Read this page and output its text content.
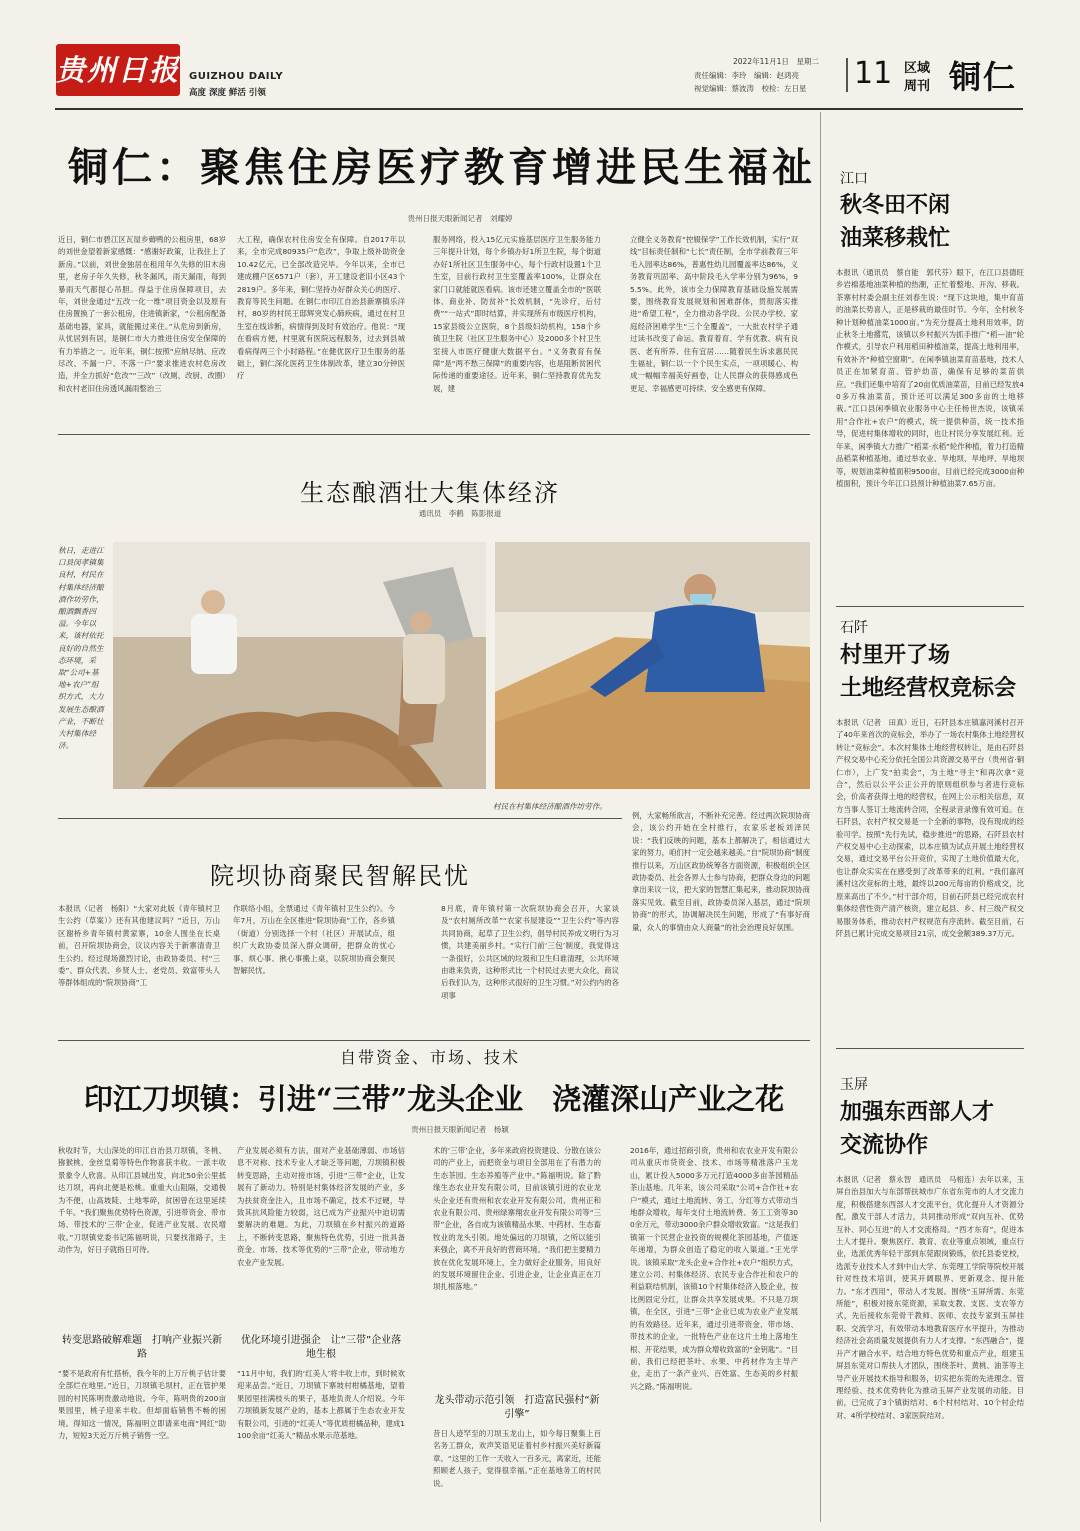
贵州日报 GUIZHOU DAILY
高度 深度 鲜活 引领
2022年11月1日　星期二
责任编辑：李玲　编辑：赵鸿亮
视觉编辑：蔡波涛　校检：左日星 11 区域
周刊 铜仁
铜仁：聚焦住房医疗教育增进民生福祉
贵州日报天眼新闻记者　刘耀婷
近日，铜仁市碧江区瓦屋乡薅鸭的公租房里，68岁的刘世金望着新家感慨：“感谢好政策，让我住上了新房。”以前，刘世金独居在租用年久失修的旧木房里，老房子年久失修，秋冬漏风，雨天漏雨，每到暴雨天气都提心吊胆。得益于住房保障项目，去年，刘世金通过“五改一化一维”项目资金以及原有住房置换了一套公租房，住进镇新家，“公租房配备基础电器，家具，就能搬过来住。”从危房到新房，从忧居到有居，是铜仁市大力推进住房安全保障的有力举措之一。近年来，铜仁按照“应纳尽纳、应改尽改、不漏一户、不落一户”要求推进农村危房改造，并全力抓好“危改”“三改”（改厕、改厨、改圈）和农村老旧住房透风漏雨整治三
大工程，确保农村住房安全有保障。自2017年以来，全市完成80935户“危改”，争取上级补助资金10.42亿元，已全部改造完毕。今年以来，全市已建成棚户区6571户（套），开工建设老旧小区43个2819户。多年来，铜仁坚持办好群众关心的医疗、教育等民生问题。在铜仁市印江自治县新寨镇乐洋村，80岁的村民王邸辉突发心肺疾病，通过在村卫生室在线诊断，病情得到及时有效治疗。他说：“现在看病方便，村里就有医院远程服务，过去到县城看病得两三个小时路程。”在健优医疗卫生服务的基础上，铜仁深化医药卫生体制改革，建立30分钟医疗
服务网络，投入15亿元实施基层医疗卫生服务能力三年提升计划，每个乡镇办好1所卫生院，每个街道办好1所社区卫生服务中心，每个行政村设置1个卫生室，目前行政村卫生室覆盖率100%，让群众在家门口就能就医看病。该市还建立覆盖全市的“医联体、商业补、防贫补”长效机制，“先诊疗，后付费”“一站式”即时结算，并实现所有市级医疗机构，15家县级公立医院，8个县级妇幼机构，158个乡镇卫生院（社区卫生服务中心）及2000多个村卫生室接入市医疗健康大数据平台。“义务教育有保障”是“两不愁三保障”的重要内容，也是阻断贫困代际传递的重要途径。近年来，铜仁坚持教育优先发展，建
立健全义务教育“控辍保学”工作长效机制，实行“双线”目标责任制和“七长”责任制，全市学前教育三年毛入园率达86%，普惠性幼儿园覆盖率达86%，义务教育巩固率、高中阶段毛入学率分别为96%，95.5%。此外，该市全力保障教育基础设施发展需要，围绕教育发展规划和困难群体，贯彻落实推进“希望工程”，全力推动各学段、公民办学校、家庭经济困难学生“三个全覆盖”，一大批农村学子通过读书改变了命运。教育着育、学有优教、病有良医、老有所养、住有宜居……随着民生诉求惠民民生福祉，铜仁以一个个民生实点，一项项暖心、构成一幅幅幸福美好画卷，让人民群众的获得感成色更足、幸福感更可持续、安全感更有保障。
生态酿酒壮大集体经济
通讯员　李鹤　陈影报道
秋日，走进江口县闵孝镇集良村，村民在村集体经济酿酒作坊劳作，酿酒飘香四溢。今年以来，该村依托良好的自然生态环境，采取“公司+基地+农户”组织方式，大力发展生态酿酒产业，不断壮大村集体经济。
村民在村集体经济酿酒作坊劳作。
院坝协商聚民智解民忧
本报讯（记者　杨阳）“大家对此版《青年镇村卫生公约（草案）》还有其他建议吗？”近日，万山区谢桥乡青年镇村黄家寨，10余人围坐在长桌前，召开院坝协商会，议议内容关于新寨清青卫生公约。经过现场激烈讨论，由政协委员、村“三委”、群众代表、乡贤人士、老党员、致富带头人等群体组成的“院坝协商”工
作联络小组，全票通过《青年镇村卫生公约》。今年7月，万山在全区推进“院坝协商”工作，各乡镇（街道）分别选择一个村（社区）开展试点，组织广大政协委员深入群众调研，把群众的忧心事、烦心事、揪心事搬上桌，以院坝协商会聚民智解民忧。
8月底，青年镇村第一次院坝协商会召开，大家谈及“农村厕所改革”“农家书屋建设”“卫生公约”等内容共同协商，起草了卫生公约，倡导村民养成文明行为习惯，共建美丽乡村。“实行门前‘三包’制度，我觉得这一条很好，公共区域的垃圾和卫生归谁清理，公共环境由谁来负责，这种形式比一个村民过去更大众化，商议后我们认为，这种形式很好的卫生习惯。”对公约内的各项事
例，大家畅所欲言，不断补充完善。经过两次院坝协商会，该公约开始在全村推行，农家乐老板刘泽民说：“我们反映的问题，基本上都解决了，相信通过大家的努力，咱们村一定会越来越美。”自“院坝协商”制度推行以来，万山区政协统筹各方面资源，积极组织全区政协委员、社会各界人士参与协商，把群众身边的问题拿出来议一议，把大家的智慧汇集起来，推动院坝协商落实见效。截至目前，政协委员深入基层，通过“院坝协商”的形式，协调解决民生问题，形成了“有事好商量，众人的事情由众人商量”的社会治理良好氛围。
自带资金、市场、技术
印江刀坝镇：引进“三带”龙头企业　浇灌深山产业之花
贵州日报天眼新闻记者　杨颖
秋收时节，大山深处的印江自治县刀坝镇，冬桃、猕猴桃、金丝皇菊等特色作物喜获丰收。一派丰收景象令人欣喜。从印江县城出发，向北50余公里抵达刀坝，再向北便是松桃。重重大山阻隔，交通极为不便，山高坡陡、土地零碎，贫困曾在这里延续千年。“我们聚焦优势特色资源，引进带资金、带市场、带技术的‘三带’企业，促进产业发展、农民增收。”刀坝镇党委书记陈福明说，只要找准路子，主动作为，好日子就指日可待。
转变思路破解难题　打响产业振兴新路
“要不是政府有忙搭桥，我今年的上万斤桃子估计要全部烂在地里。”近日，刀坝镇毛坝村，正在管护果园的村民陈明贵激动地说。今年，陈明贵的200亩果园里，桃子迎来丰收。但却面临销售不畅的困境。得知这一情况，陈福明立即请来电商“网红”助力，短短3天近万斤桃子销售一空。
产业发展必须有方法，面对产业基础薄弱、市场信息不对称、技术专业人才缺乏等问题，刀坝镇积极转变思路，主动对接市场，引进“三带”企业，让发展有了新动力。特别是村集体经济发展的产业，多为扶贫资金注入，且市场不确定，技术不过硬，导致其抗风险能力较弱，这已成为产业振兴中迫切需要解决的难题。为此，刀坝镇在乡村振兴的道路上，不断转变思路，聚焦特色优势，引进一批具备资金、市场、技术等优势的“三带”企业，带动地方农业产业发展。
优化环境引进强企　让“三带”企业落地生根
“11月中旬，我们的‘红美人’将丰收上市，到时候欢迎来品尝。”近日，刀坝镇下寨坡村柑橘基地，望着果园里挂满枝头的果子，基地负责人介绍说。今年刀坝镇新发展产业的，基本上都属于生态农业开发有限公司，引进的“红美人”等优质柑橘品种，建成1100余亩“红美人”精品水果示范基地。
术的‘三带’企业，多年来政府投资建设、分散在该公司的产业上，而把资金与项目全部用在了有潜力的生态茶园、生态养殖等产业中。”陈福明说。除了黔缘生态农业开发有限公司，目前该镇引进的农业龙头企业还有贵州和农农业开发有限公司、贵州正和农业有限公司、贵州绿寨翔农业开发有限公司等“三带”企业，各自成为该镇精品水果、中药材、生态畜牧业的龙头引领。地处偏远的刀坝镇，之所以能引来强企，离不开良好的营商环境。“我们把主要精力放在优化发展环境上，全力做好企业服务，用良好的发展环境留住企业、引进企业，让企业真正在刀坝扎根落地。”
龙头带动示范引领　打造富民强村“新引擎”
昔日人迹罕至的刀坝玉龙山上，如今每日聚集上百名务工群众，欢声笑语见证着村乡村振兴美好新篇章。“这里的工作一天收入一百多元，离家近，还能照顾老人孩子，觉得很幸福。”正在基地务工的村民说。
2016年，通过招商引资，贵州和农农业开发有限公司从重庆市贷资金、技术、市场等精准落户玉龙山，累计投入5000多万元打造4000多亩茶园精品茶山基地。几年来，该公司采取“公司+合作社+农户”模式，通过土地流转、务工、分红等方式带动当地群众增收，每年支付土地流转费、务工工资等300余万元，带动3000余户群众增收致富。“这是我们镇第一个民营企业投资的规模化茶园基地，产值逐年递增，为群众创造了稳定的收入渠道。”王光学说。该镇采取“龙头企业+合作社+农户”组织方式，建立公司、村集体经济、农民专业合作社和农户的利益联结机制，该镇10个村集体经济入股企业，按比例固定分红，让群众共享发展成果。不只是刀坝镇，在全区，引进“三带”企业已成为农业产业发展的有效路径。近年来，通过引进带资金、带市场、带技术的企业，一批特色产业在这片土地上落地生根、开花结果，成为群众增收致富的“金钥匙”。“目前，我们已经把茶叶、水果、中药材作为主导产业，走出了一条产业兴、百姓富、生态美的乡村振兴之路。”陈福明说。
江口
秋冬田不闲
油菜移栽忙
本报讯（通讯员　蔡自能　郭代芬）眼下，在江口县德旺乡岩棉基地油菜种植的热潮，正忙着整地、开沟、移栽。茶寨村村委会副主任刘春生说：“现下这块地，集中育苗的油菜长势喜人，正是移栽的最佳时节。今年，全村秋冬种计划种植油菜1000亩。”为充分提高土地利用效率，防止秋冬土地撂荒，该镇以乡村振兴为抓手推广“稻—油”轮作模式，引导农户利用稻田种植油菜，提高土地利用率，有效补齐“种植空窗期”。在闲季镇油菜育苗基地，技术人员正在加紧育苗、管护幼苗，确保有足够的菜苗供应。“我们还集中培育了20亩优质油菜苗，目前已经发放40多万株油菜苗，预计还可以满足300多亩的土地移栽。”江口县闲季镇农业服务中心主任杨世杰说，该镇采用“合作社+农户”的模式，统一提供种苗，统一技术指导，促进村集体增收的同时，也让村民分享发展红利。近年来，闲季镇大力推广“稻菜·水稻”轮作种植，着力打造精品稻菜种植基地。通过举农业、旱地坝、旱地坪、旱地坝等，规划油菜种植面积9500亩，目前已经完成3000亩种植面积，预计今年江口县预计种植油菜7.65万亩。
石阡
村里开了场
土地经营权竞标会
本报讯（记者　田真）近日，石阡县本庄镇嘉河溪村召开了40年来首次的竞标会，举办了一场农村集体土地经营权转让“竞标会”。本次村集体土地经营权转让，是由石阡县产权交易中心充分依托全国公共资源交易平台（贵州省·铜仁市），上广发“拍卖会”，为土地“寻主”和再次拿“竞合”，然后以公平公正公开的原则组织参与者进行竞标会，价高者获得土地的经营权，在网上公示相关信息，双方当事人签订土地流转合同，全程录音录像有效可追。在石阡县，农村产权交易是一个全新的事物，没有现成的经验可学。按照“先行先试，稳步推进”的思路，石阡县农村产权交易中心主动探索，以本庄镇为试点开展土地经营权交易，通过交易平台公开竞价，实现了土地价值最大化，也让群众实实在在感受到了改革带来的红利。“我们嘉河溪村这次竞标的土地，最终以200元每亩的价格成交，比原来高出了不少。”村干部介绍，目前石阡县已经完成农村集体经营性资产清产核资，建立起县、乡、村三级产权交易服务体系，推动农村产权规范有序流转。截至目前，石阡县已累计完成交易项目21宗，成交金额389.37万元。
玉屏
加强东西部人才
交流协作
本报讯（记者　蔡永智　通讯员　马相连）去年以来，玉屏自治县加大与东部帮扶城市广东省东莞市的人才交流力度，积极搭建东西部人才交流平台，优化提升人才资源分配，激发干部人才活力，共同推动形成“双向互补、优势互补、同心互进”的人才交流格局。“西才东育”，促进本土人才提升。聚焦医疗、教育、农业等重点领域，重点行业，选派优秀年轻干部到东莞跟岗锻炼，依托县委党校，选派专业技术人才到中山大学、东莞理工学院等院校开展针对性技术培训，使其开阔眼界、更新观念、提升能力。“东才西用”，带动人才发展。围绕“玉屏所需、东莞所能”，积极对接东莞资源，采取支教、支医、支农等方式，先后接收东莞骨干教师、医师、农技专家到玉屏挂职、交流学习，有效带动本地教育医疗水平提升，为推动经济社会高质量发展提供有力人才支撑。“东西融合”，提升产才融合水平。结合地方特色优势和重点产业，组建玉屏县东莞对口帮扶人才团队，围绕茶叶、黄桃、油茶等主导产业开展技术指导和服务，切实把东莞的先进理念、管理经验、技术优势转化为推动玉屏产业发展的动能。目前，已完成了3个镇街结对、6个村村结对、10个村企结对、4所学校结对、3家医院结对。
